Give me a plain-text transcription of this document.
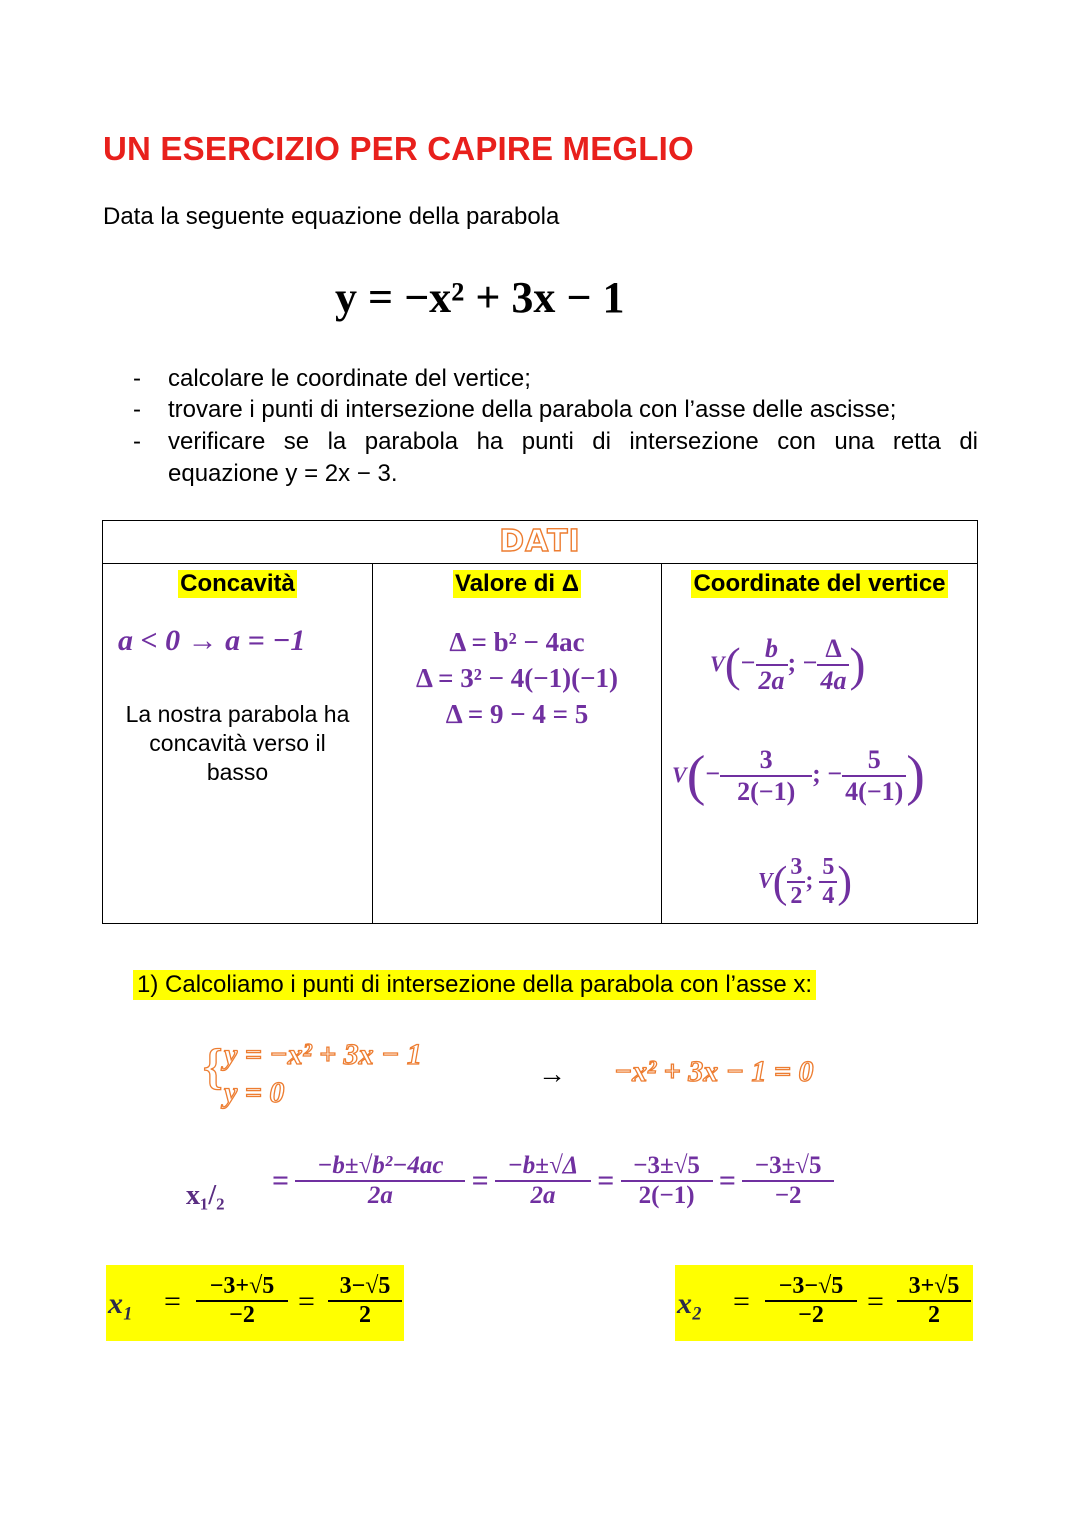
UN ESERCIZIO PER CAPIRE MEGLIO
Data la seguente equazione della parabola
y = −x² + 3x − 1
- calcolare le coordinate del vertice;
- trovare i punti di intersezione della parabola con l’asse delle ascisse;
- verificare se la parabola ha punti di intersezione con una retta di
equazione y = 2x − 3.
DATI

Concavità
a < 0 → a = −1
La nostra parabola ha
concavità verso il
basso

Valore di Δ
Δ = b² − 4ac
Δ = 3² − 4(−1)(−1)
Δ = 9 − 4 = 5

Coordinate del vertice
$V(- \frac{b}{2a}$ ; − $\frac{\Delta}{4a}$ )
$V(- \frac{3}{2(-1)}$ ; − $\frac{5}{4(-1)}$ )
$V( \frac{3}{2}$ ; $\frac{5}{4}$ )
1) Calcoliamo i punti di intersezione della parabola con l’asse x:
{ y = −x² + 3x − 1
y = 0
→ −x² + 3x − 1 = 0
$x_1/_2 = \frac{\text{−b±√b²−4ac}}{2a} = \frac{-b\pm√\Delta}{2a} = \frac{-3\pm√5}{2(-1)} = \frac{-3\pm√5}{-2}$
$x_1 = \frac{-3+√5}{-2} = \frac{3-√5}{2}$	$x_2 = \frac{-3-√5}{-2} = \frac{3+√5}{2}$
